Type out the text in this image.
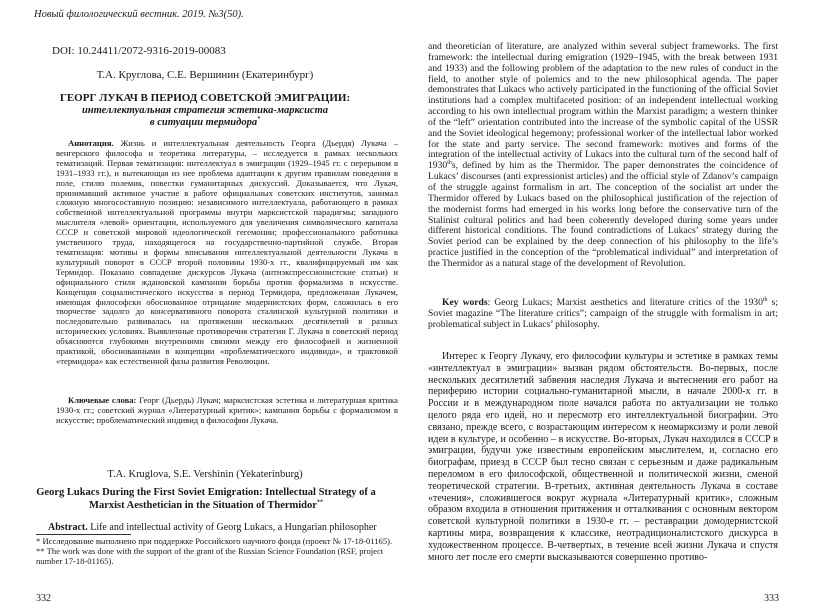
Новый филологический вестник. 2019. №3(50).
DOI: 10.24411/2072-9316-2019-00083
Т.А. Круглова, С.Е. Вершинин (Екатеринбург)
ГЕОРГ ЛУКАЧ В ПЕРИОД СОВЕТСКОЙ ЭМИГРАЦИИ:
интеллектуальная стратегия эстетика-марксиста
в ситуации термидора*

Аннотация. Жизнь и интеллектуальная деятельность Георга (Дьердя) Лукача – венгерского философа и теоретика литературы, – исследуется в рамках нескольких тематизаций. Первая тематизация: интеллектуал в эмиграции (1929–1945 гг. с перерывом в 1931–1933 гг.), и вытекающая из нее проблема адаптации к другим правилам поведения в поле, стилю полемик, повестки гуманитарных дискуссий. Доказывается, что Лукач, принимавший активное участие в работе официальных советских институтов, занимал сложную многосоставную позицию: независимого интеллектуала, работающего в рамках собственной интеллектуальной программы внутри марксистской парадигмы; западного мыслителя «левой» ориентации, используемого для увеличения символического капитала СССР и советской мировой идеологической гегемонии; профессионального работника умственного труда, находящегося на государственно-партийной службе. Вторая тематизация: мотивы и формы вписывания интеллектуальной деятельности Лукача в культурный поворот в СССР второй половины 1930-х гг., квалифицируемый им как Термидор. Показано совпадение дискурсов Лукача (антиэкспрессионистские статьи) и официального стиля ждановской кампании борьбы против формализма в искусстве. Концепция социалистического искусства в период Термидора, предложенная Лукачем, имеющая философски обоснованное отрицание модернистских форм, сложилась в его творчестве задолго до консервативного поворота сталинской культурной политики и последовательно развивалась на протяжении нескольких десятилетий в разных исторических условиях. Выявленные противоречия стратегии Г. Лукача в советский период объясняются глубокими внутренними связями между его философией и жизненной практикой, обоснованными в концепции «проблематического индивида», и трактовкой «термидора» как естественной фазы развития Революции.

Ключевые слова: Георг (Дьердь) Лукач; марксистская эстетика и литературная критика 1930-х гг.; советский журнал «Литературный критик»; кампания борьбы с формализмом в искусстве; проблематический индивид в философии Лукача.

T.A. Kruglova, S.E. Vershinin (Yekaterinburg)
Georg Lukacs During the First Soviet Emigration: Intellectual Strategy of a Marxist Aesthetician in the Situation of Thermidor**
Abstract. Life and intellectual activity of Georg Lukacs, a Hungarian philosopher

* Исследование выполнено при поддержке Российского научного фонда (проект № 17-18-01165).

** The work was done with the support of the grant of the Russian Science Foundation (RSF, project number 17-18-01165).

332

and theoretician of literature, are analyzed within several subject frameworks. The first framework: the intellectual during emigration (1929–1945, with the break between 1931 and 1933) and the following problem of the adaptation to the new rules of conduct in the field, to another style of polemics and to the new philosophical agenda. The paper demonstrates that Lukacs who actively participated in the functioning of the official Soviet institutions had a complex multifaceted position: of an independent intellectual working according to his own intellectual program within the Marxist paradigm; a western thinker of the “left” orientation contributed into the increase of the symbolic capital of the USSR and the Soviet ideological hegemony; professional worker of the intellectual labor worked for the state and party service. The second framework: motives and forms of the integration of the intellectual activity of Lukacs into the cultural turn of the second half of 1930ths, defined by him as the Thermidor. The paper demonstrates the coincidence of Lukacs’ discourses (anti expressionist articles) and the official style of Zdanov’s campaign of the struggle against formalism in art. The conception of the socialist art under the Thermidor offered by Lukacs based on the philosophical justification of the rejection of the modernist forms had emerged in his works long before the conservative turn of the Stalinist cultural politics and had been coherently developed during some years under different historical conditions. The found contradictions of Lukacs’ strategy during the Soviet period can be explained by the deep connection of his philosophy to the life’s practice justified in the conception of the “problematical individual” and interpretation of the Thermidor as a natural stage of the development of Revolution.

Key words: Georg Lukacs; Marxist aesthetics and literature critics of the 1930th s; Soviet magazine “The literature critics”; campaign of the struggle with formalism in art; problematical subject in Lukacs’ philosophy.

Интерес к Георгу Лукачу, его философии культуры и эстетике в рамках темы «интеллектуал в эмиграции» вызван рядом обстоятельств. Во-первых, после нескольких десятилетий забвения наследия Лукача и вытеснения его работ на периферию истории социально-гуманитарной мысли, в начале 2000-х гг. в России и в международном поле начался работа по актуализации не только целого ряда его идей, но и пересмотр его интеллектуальной биографии. Это связано, прежде всего, с возрастающим интересом к неомарксизму и роли левой идеи в культуре, и особенно – в искусстве. Во-вторых, Лукач находился в СССР в эмиграции, будучи уже известным европейским мыслителем, и, согласно его биографам, приезд в СССР был тесно связан с серьезным и даже радикальным переломом в его философской, общественной и политической жизни, сменой теоретической стратегии. В-третьих, активная деятельность Лукача в составе «течения», сложившегося вокруг журнала «Литературный критик», сложным образом входила в отношения притяжения и отталкивания с основным вектором советской культурной политики в 1930-е гг. – реставрации домодернистской картины мира, возвращения к классике, неотрадиционалистского дискурса в художественном процессе. В-четвертых, в течение всей жизни Лукача и спустя много лет после его смерти высказываются совершенно противо-

333
